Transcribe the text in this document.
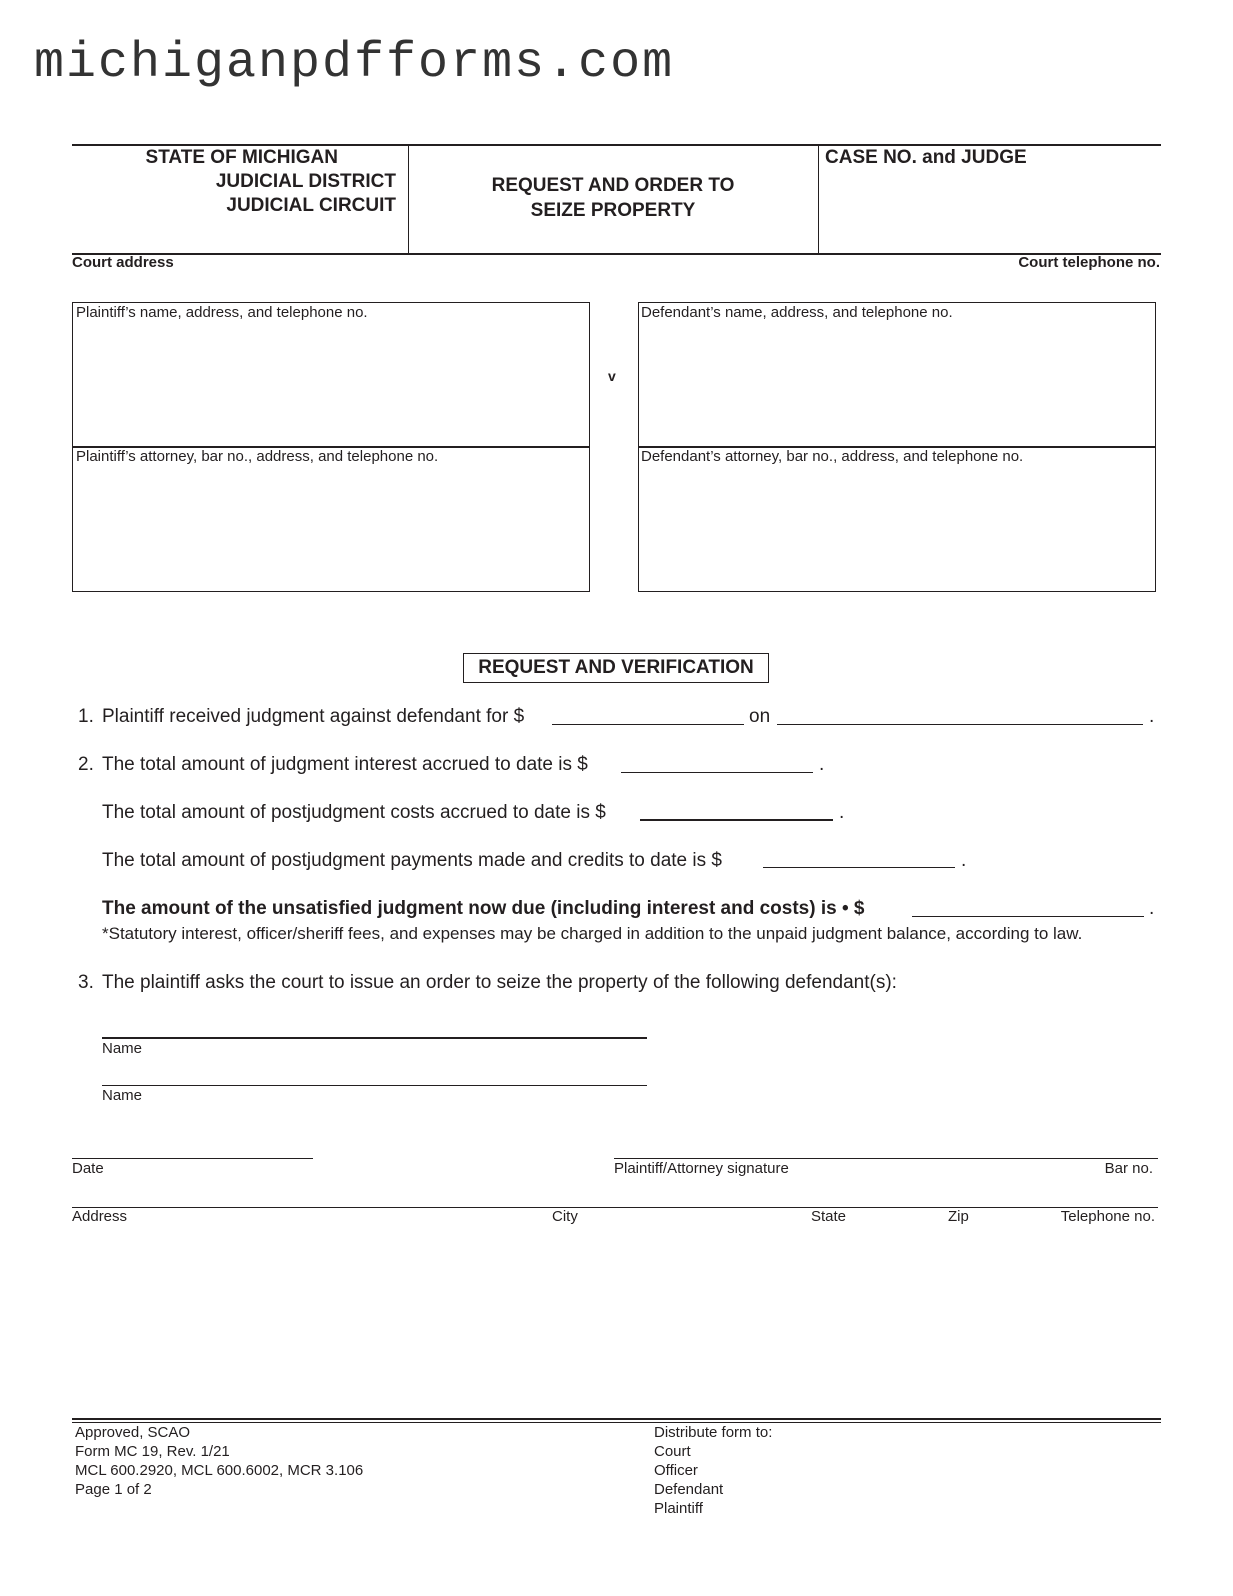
michiganpdfforms.com
STATE OF MICHIGAN
JUDICIAL DISTRICT
JUDICIAL CIRCUIT
REQUEST AND ORDER TO
SEIZE PROPERTY
CASE NO. and JUDGE
Court address	Court telephone no.
Plaintiff’s name, address, and telephone no.
Plaintiff’s attorney, bar no., address, and telephone no.
v
Defendant’s name, address, and telephone no.
Defendant’s attorney, bar no., address, and telephone no.
REQUEST AND VERIFICATION
1. Plaintiff received judgment against defendant for $	on	.
2. The total amount of judgment interest accrued to date is $	.
The total amount of postjudgment costs accrued to date is $	.
The total amount of postjudgment payments made and credits to date is $	.
The amount of the unsatisfied judgment now due (including interest and costs) is • $	.
*Statutory interest, officer/sheriff fees, and expenses may be charged in addition to the unpaid judgment balance, according to law.
3. The plaintiff asks the court to issue an order to seize the property of the following defendant(s):
Name
Name
Date	Plaintiff/Attorney signature	Bar no.
Address	City	State	Zip	Telephone no.
Approved, SCAO
Form MC 19, Rev. 1/21
MCL 600.2920, MCL 600.6002, MCR 3.106
Page 1 of 2
Distribute form to:
Court
Officer
Defendant
Plaintiff
